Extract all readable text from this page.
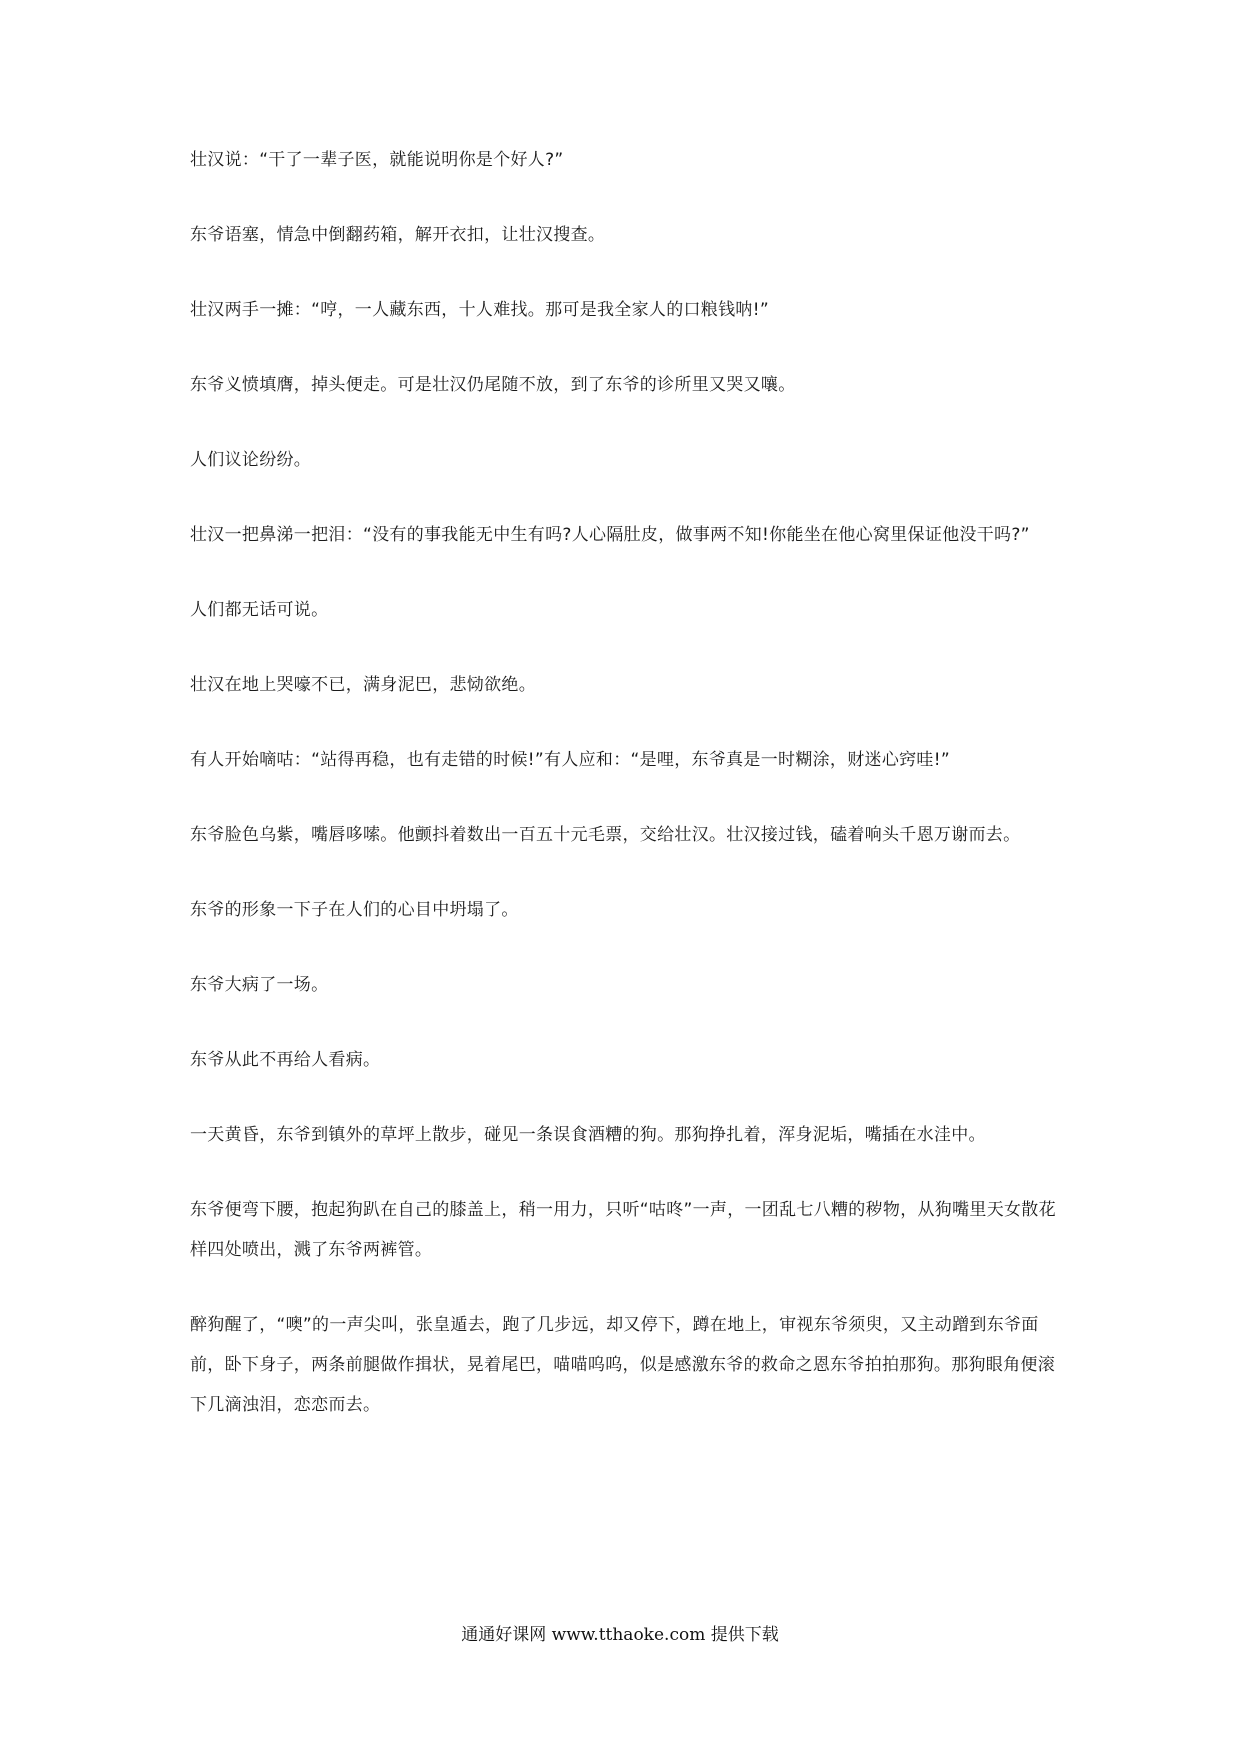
壮汉说：“干了一辈子医，就能说明你是个好人?”

东爷语塞，情急中倒翻药箱，解开衣扣，让壮汉搜查。

壮汉两手一摊：“哼，一人藏东西，十人难找。那可是我全家人的口粮钱呐!”

东爷义愤填膺，掉头便走。可是壮汉仍尾随不放，到了东爷的诊所里又哭又嚷。

人们议论纷纷。

壮汉一把鼻涕一把泪：“没有的事我能无中生有吗?人心隔肚皮，做事两不知!你能坐在他心窝里保证他没干吗?”

人们都无话可说。

壮汉在地上哭嚎不已，满身泥巴，悲恸欲绝。

有人开始嘀咕：“站得再稳，也有走错的时候!”有人应和：“是哩，东爷真是一时糊涂，财迷心窍哇!”

东爷脸色乌紫，嘴唇哆嗦。他颤抖着数出一百五十元毛票，交给壮汉。壮汉接过钱，磕着响头千恩万谢而去。

东爷的形象一下子在人们的心目中坍塌了。

东爷大病了一场。

东爷从此不再给人看病。

一天黄昏，东爷到镇外的草坪上散步，碰见一条误食酒糟的狗。那狗挣扎着，浑身泥垢，嘴插在水洼中。

东爷便弯下腰，抱起狗趴在自己的膝盖上，稍一用力，只听“咕咚”一声，一团乱七八糟的秽物，从狗嘴里天女散花样四处喷出，溅了东爷两裤管。

醉狗醒了，“噢”的一声尖叫，张皇遁去，跑了几步远，却又停下，蹲在地上，审视东爷须臾，又主动蹭到东爷面前，卧下身子，两条前腿做作揖状，晃着尾巴，喵喵呜呜，似是感激东爷的救命之恩东爷拍拍那狗。那狗眼角便滚下几滴浊泪，恋恋而去。

通通好课网 www.tthaoke.com 提供下载
